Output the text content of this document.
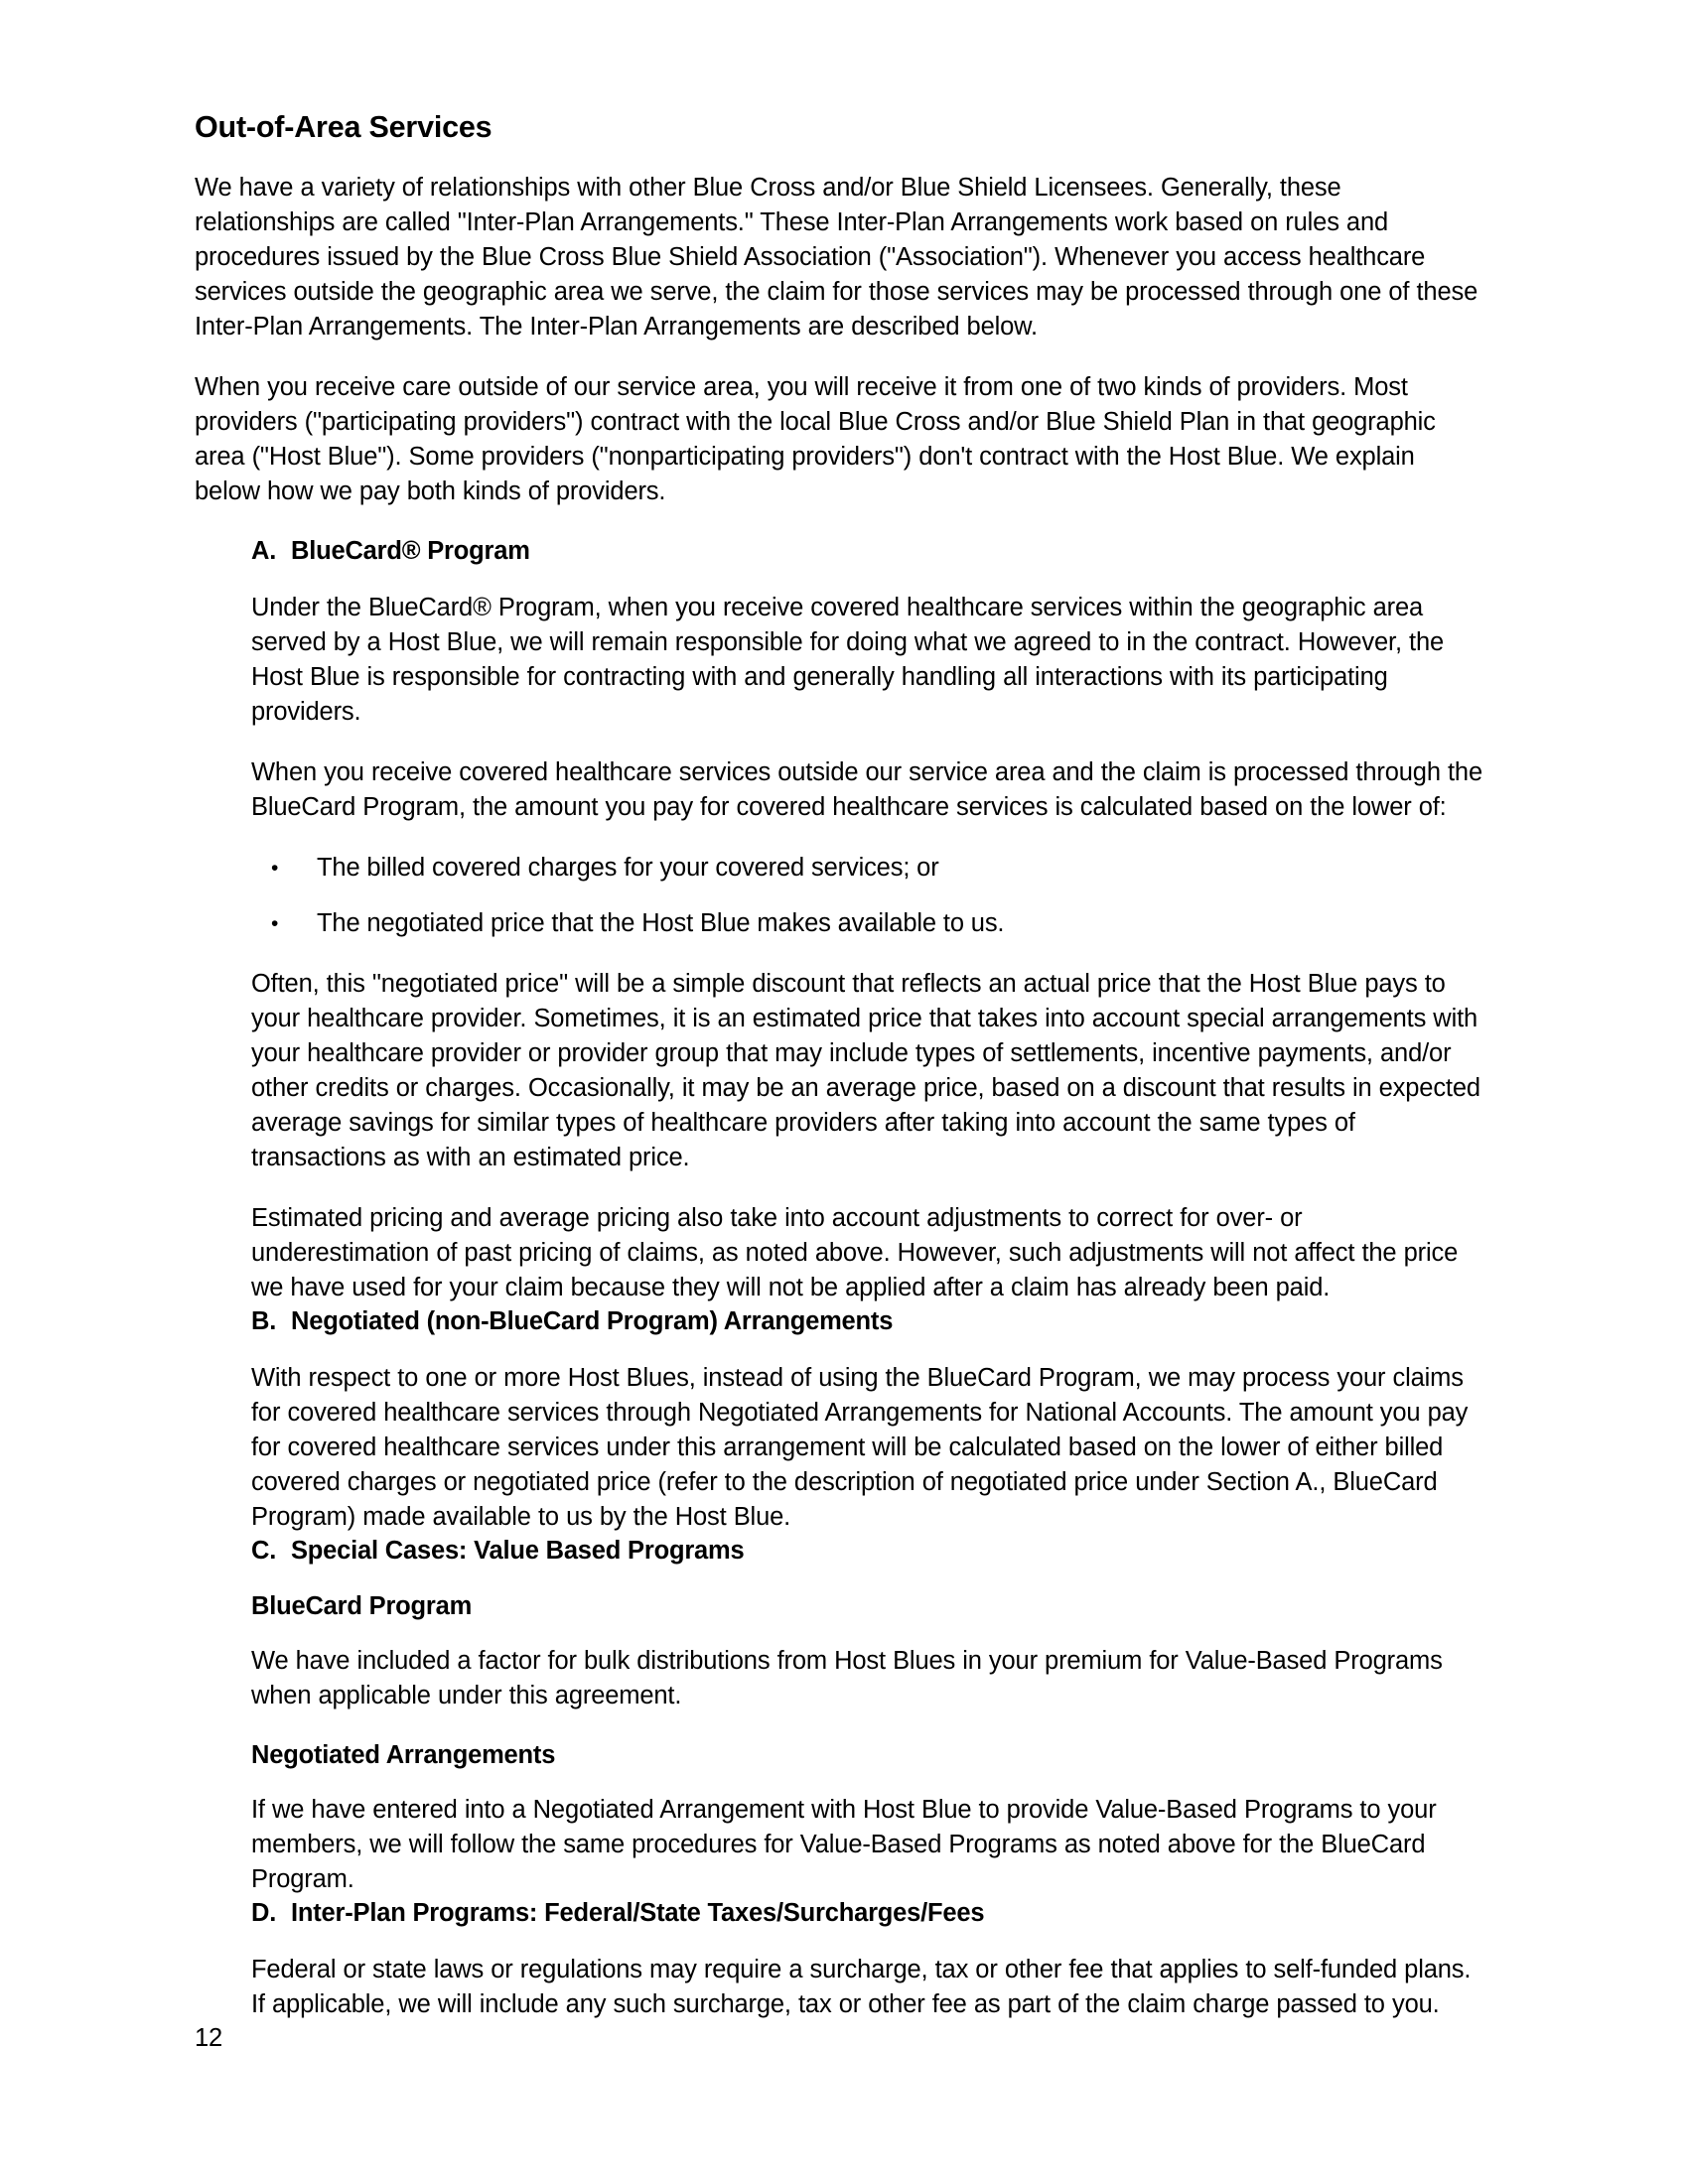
Out-of-Area Services

We have a variety of relationships with other Blue Cross and/or Blue Shield Licensees. Generally, these relationships are called "Inter-Plan Arrangements." These Inter-Plan Arrangements work based on rules and procedures issued by the Blue Cross Blue Shield Association ("Association"). Whenever you access healthcare services outside the geographic area we serve, the claim for those services may be processed through one of these Inter-Plan Arrangements. The Inter-Plan Arrangements are described below.

When you receive care outside of our service area, you will receive it from one of two kinds of providers. Most providers ("participating providers") contract with the local Blue Cross and/or Blue Shield Plan in that geographic area ("Host Blue"). Some providers ("nonparticipating providers") don't contract with the Host Blue. We explain below how we pay both kinds of providers.

A. BlueCard® Program

Under the BlueCard® Program, when you receive covered healthcare services within the geographic area served by a Host Blue, we will remain responsible for doing what we agreed to in the contract. However, the Host Blue is responsible for contracting with and generally handling all interactions with its participating providers.

When you receive covered healthcare services outside our service area and the claim is processed through the BlueCard Program, the amount you pay for covered healthcare services is calculated based on the lower of:

• The billed covered charges for your covered services; or
• The negotiated price that the Host Blue makes available to us.

Often, this "negotiated price" will be a simple discount that reflects an actual price that the Host Blue pays to your healthcare provider. Sometimes, it is an estimated price that takes into account special arrangements with your healthcare provider or provider group that may include types of settlements, incentive payments, and/or other credits or charges. Occasionally, it may be an average price, based on a discount that results in expected average savings for similar types of healthcare providers after taking into account the same types of transactions as with an estimated price.

Estimated pricing and average pricing also take into account adjustments to correct for over- or underestimation of past pricing of claims, as noted above. However, such adjustments will not affect the price we have used for your claim because they will not be applied after a claim has already been paid.

B. Negotiated (non-BlueCard Program) Arrangements

With respect to one or more Host Blues, instead of using the BlueCard Program, we may process your claims for covered healthcare services through Negotiated Arrangements for National Accounts. The amount you pay for covered healthcare services under this arrangement will be calculated based on the lower of either billed covered charges or negotiated price (refer to the description of negotiated price under Section A., BlueCard Program) made available to us by the Host Blue.

C. Special Cases: Value Based Programs
BlueCard Program

We have included a factor for bulk distributions from Host Blues in your premium for Value-Based Programs when applicable under this agreement.

Negotiated Arrangements

If we have entered into a Negotiated Arrangement with Host Blue to provide Value-Based Programs to your members, we will follow the same procedures for Value-Based Programs as noted above for the BlueCard Program.

D. Inter-Plan Programs: Federal/State Taxes/Surcharges/Fees

Federal or state laws or regulations may require a surcharge, tax or other fee that applies to self-funded plans. If applicable, we will include any such surcharge, tax or other fee as part of the claim charge passed to you.

12
